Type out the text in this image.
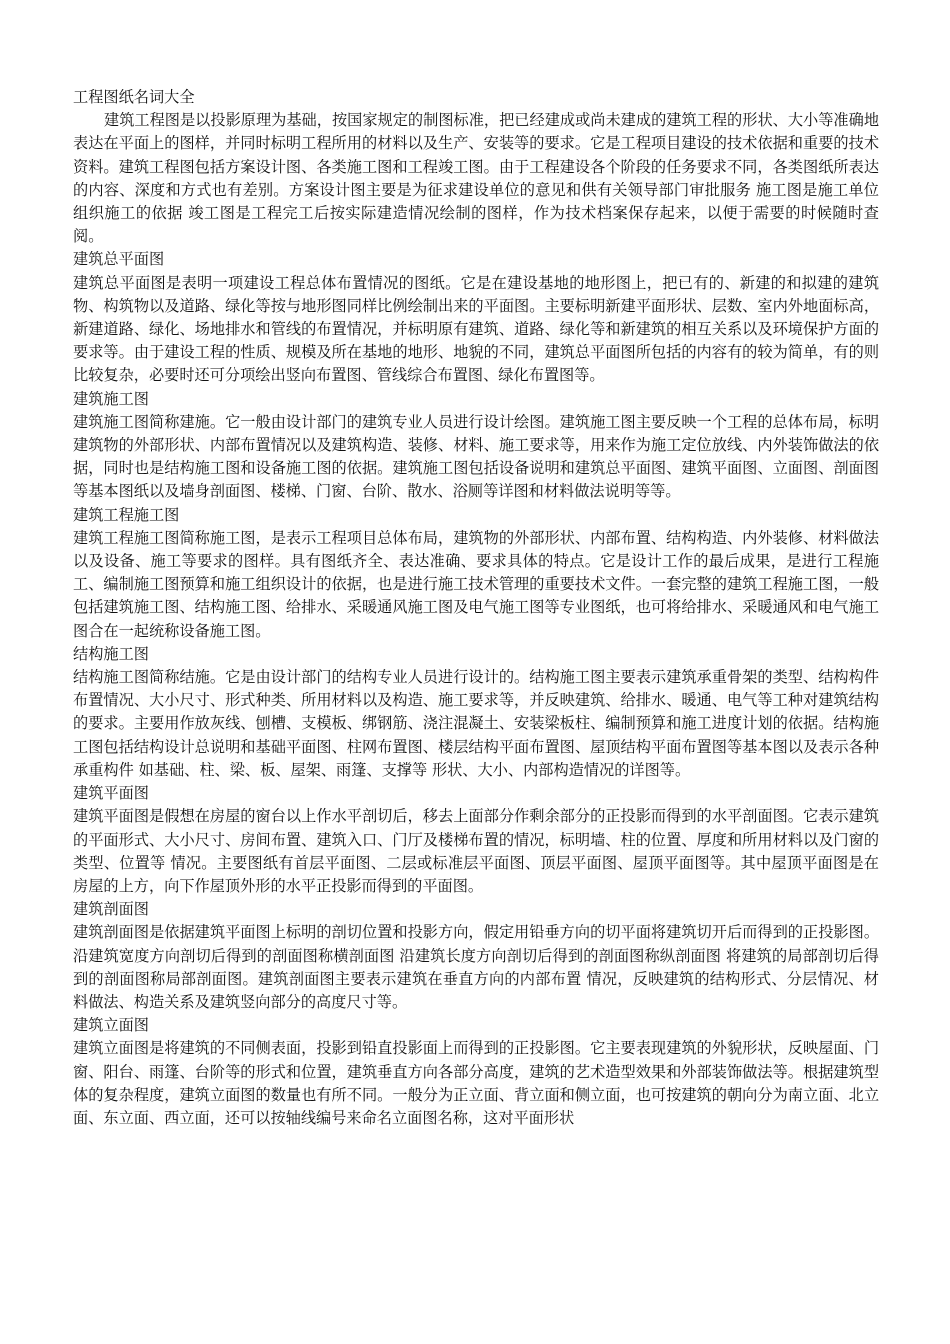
工程图纸名词大全

建筑工程图是以投影原理为基础，按国家规定的制图标准，把已经建成或尚未建成的建筑工程的形状、大小等准确地表达在平面上的图样，并同时标明工程所用的材料以及生产、安装等的要求。它是工程项目建设的技术依据和重要的技术资料。建筑工程图包括方案设计图、各类施工图和工程竣工图。由于工程建设各个阶段的任务要求不同，各类图纸所表达的内容、深度和方式也有差别。方案设计图主要是为征求建设单位的意见和供有关领导部门审批服务 施工图是施工单位组织施工的依据 竣工图是工程完工后按实际建造情况绘制的图样，作为技术档案保存起来，以便于需要的时候随时查阅。

建筑总平面图

建筑总平面图是表明一项建设工程总体布置情况的图纸。它是在建设基地的地形图上，把已有的、新建的和拟建的建筑物、构筑物以及道路、绿化等按与地形图同样比例绘制出来的平面图。主要标明新建平面形状、层数、室内外地面标高，新建道路、绿化、场地排水和管线的布置情况，并标明原有建筑、道路、绿化等和新建筑的相互关系以及环境保护方面的要求等。由于建设工程的性质、规模及所在基地的地形、地貌的不同，建筑总平面图所包括的内容有的较为简单，有的则比较复杂，必要时还可分项绘出竖向布置图、管线综合布置图、绿化布置图等。

建筑施工图

建筑施工图简称建施。它一般由设计部门的建筑专业人员进行设计绘图。建筑施工图主要反映一个工程的总体布局，标明建筑物的外部形状、内部布置情况以及建筑构造、装修、材料、施工要求等，用来作为施工定位放线、内外装饰做法的依据，同时也是结构施工图和设备施工图的依据。建筑施工图包括设备说明和建筑总平面图、建筑平面图、立面图、剖面图等基本图纸以及墙身剖面图、楼梯、门窗、台阶、散水、浴厕等详图和材料做法说明等等。

建筑工程施工图

建筑工程施工图简称施工图，是表示工程项目总体布局，建筑物的外部形状、内部布置、结构构造、内外装修、材料做法以及设备、施工等要求的图样。具有图纸齐全、表达准确、要求具体的特点。它是设计工作的最后成果，是进行工程施工、编制施工图预算和施工组织设计的依据，也是进行施工技术管理的重要技术文件。一套完整的建筑工程施工图，一般包括建筑施工图、结构施工图、给排水、采暖通风施工图及电气施工图等专业图纸，也可将给排水、采暖通风和电气施工图合在一起统称设备施工图。

结构施工图

结构施工图简称结施。它是由设计部门的结构专业人员进行设计的。结构施工图主要表示建筑承重骨架的类型、结构构件布置情况、大小尺寸、形式种类、所用材料以及构造、施工要求等，并反映建筑、给排水、暖通、电气等工种对建筑结构的要求。主要用作放灰线、刨槽、支模板、绑钢筋、浇注混凝土、安装梁板柱、编制预算和施工进度计划的依据。结构施工图包括结构设计总说明和基础平面图、柱网布置图、楼层结构平面布置图、屋顶结构平面布置图等基本图以及表示各种承重构件 如基础、柱、梁、板、屋架、雨篷、支撑等 形状、大小、内部构造情况的详图等。

建筑平面图

建筑平面图是假想在房屋的窗台以上作水平剖切后，移去上面部分作剩余部分的正投影而得到的水平剖面图。它表示建筑的平面形式、大小尺寸、房间布置、建筑入口、门厅及楼梯布置的情况，标明墙、柱的位置、厚度和所用材料以及门窗的类型、位置等 情况。主要图纸有首层平面图、二层或标准层平面图、顶层平面图、屋顶平面图等。其中屋顶平面图是在房屋的上方，向下作屋顶外形的水平正投影而得到的平面图。

建筑剖面图

建筑剖面图是依据建筑平面图上标明的剖切位置和投影方向，假定用铅垂方向的切平面将建筑切开后而得到的正投影图。沿建筑宽度方向剖切后得到的剖面图称横剖面图 沿建筑长度方向剖切后得到的剖面图称纵剖面图 将建筑的局部剖切后得到的剖面图称局部剖面图。建筑剖面图主要表示建筑在垂直方向的内部布置 情况，反映建筑的结构形式、分层情况、材料做法、构造关系及建筑竖向部分的高度尺寸等。

建筑立面图

建筑立面图是将建筑的不同侧表面，投影到铅直投影面上而得到的正投影图。它主要表现建筑的外貌形状，反映屋面、门窗、阳台、雨篷、台阶等的形式和位置，建筑垂直方向各部分高度，建筑的艺术造型效果和外部装饰做法等。根据建筑型体的复杂程度，建筑立面图的数量也有所不同。一般分为正立面、背立面和侧立面，也可按建筑的朝向分为南立面、北立面、东立面、西立面，还可以按轴线编号来命名立面图名称，这对平面形状
